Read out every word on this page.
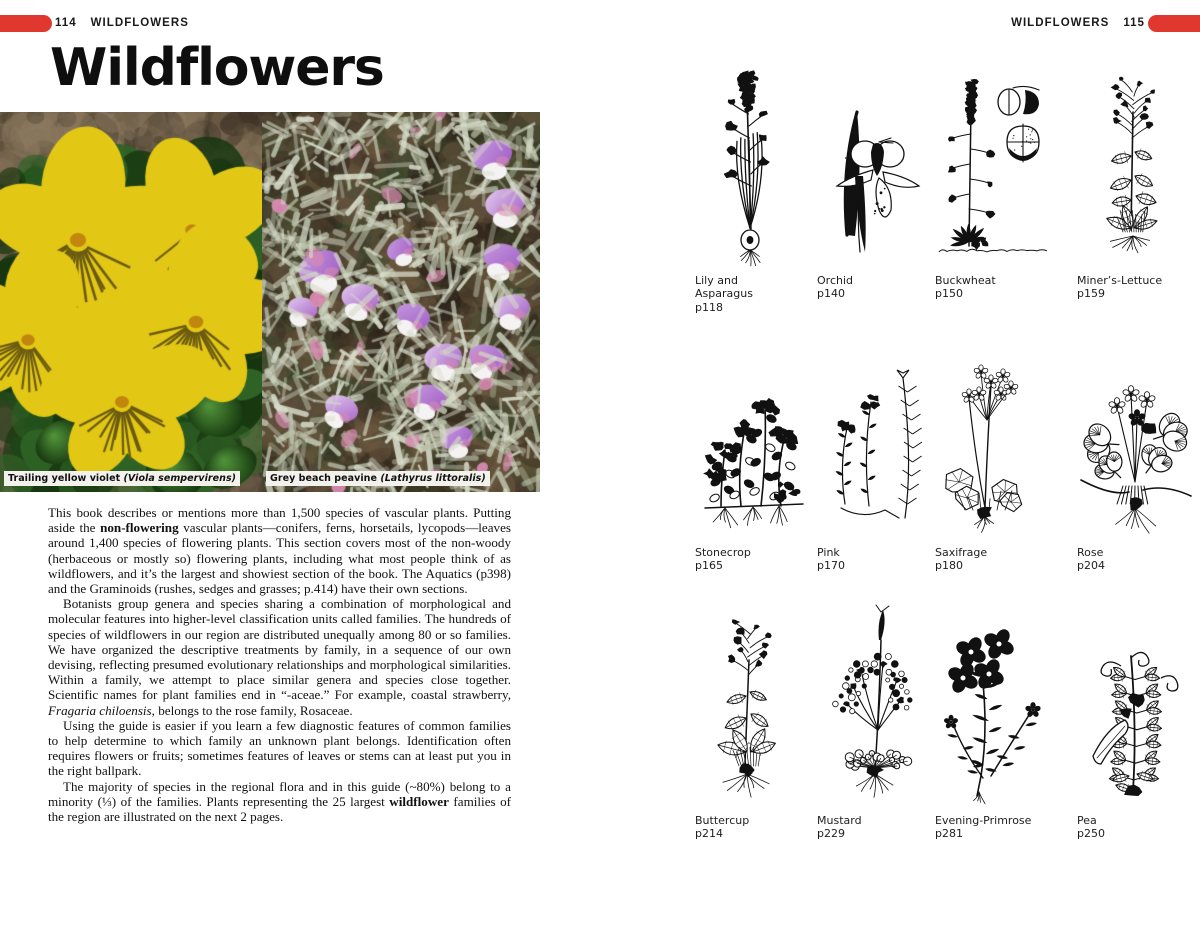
114 WILDFLOWERS	WILDFLOWERS 115
Wildflowers
Trailing yellow violet (Viola sempervirens)	Grey beach peavine (Lathyrus littoralis)

This book describes or mentions more than 1,500 species of vascular plants. Putting aside the non-flowering vascular plants—conifers, ferns, horsetails, lycopods—leaves around 1,400 species of flowering plants. This section covers most of the non-woody (herbaceous or mostly so) flowering plants, including what most people think of as wildflowers, and it’s the largest and showiest section of the book. The Aquatics (p398) and the Graminoids (rushes, sedges and grasses; p.414) have their own sections.

Botanists group genera and species sharing a combination of morphological and molecular features into higher-level classification units called families. The hundreds of species of wildflowers in our region are distributed unequally among 80 or so families. We have organized the descriptive treatments by family, in a sequence of our own devising, reflecting presumed evolutionary relationships and morphological similarities. Within a family, we attempt to place similar genera and species close together. Scientific names for plant families end in “-aceae.” For example, coastal strawberry, Fragaria chiloensis, belongs to the rose family, Rosaceae.

Using the guide is easier if you learn a few diagnostic features of common families to help determine to which family an unknown plant belongs. Identification often requires flowers or fruits; sometimes features of leaves or stems can at least put you in the right ballpark.

The majority of species in the regional flora and in this guide (~80%) belong to a minority (⅓) of the families. Plants representing the 25 largest wildflower families of the region are illustrated on the next 2 pages.

Lily and
Asparagus
p118
Orchid
p140
Buckwheat
p150
Miner’s-Lettuce
p159
Stonecrop
p165
Pink
p170
Saxifrage
p180
Rose
p204
Buttercup
p214
Mustard
p229
Evening-Primrose
p281
Pea
p250
